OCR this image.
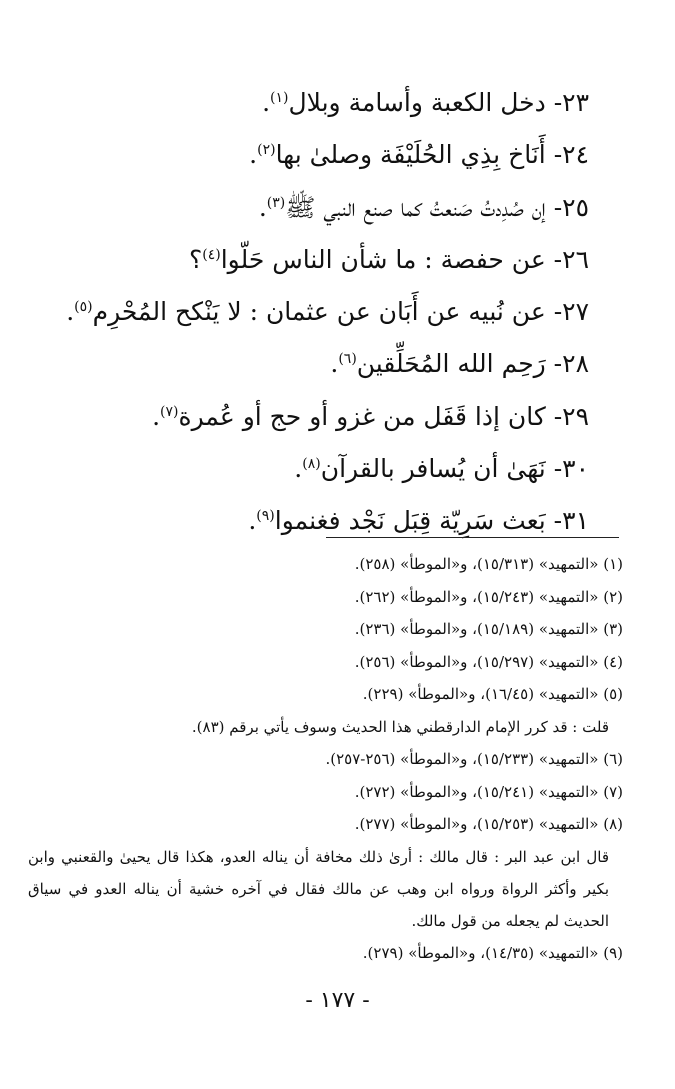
٢٣- دخل الكعبة وأسامة وبلال$^{(١)}$.
٢٤- أَنَاخ بِذِي الحُلَيْفَة وصلىٰ بها$^{(٢)}$.
٢٥- إن صُدِدتُ صَنعتُ كما صنع النبي ﷺ$^{(٣)}$.
٢٦- عن حفصة : ما شأن الناس حَلّوا$^{(٤)}$؟
٢٧- عن نُبيه عن أَبَان عن عثمان : لا يَنْكح المُحْرِم$^{(٥)}$.
٢٨- رَحِم الله المُحَلِّقين$^{(٦)}$.
٢٩- كان إذا قَفَل من غزو أو حج أو عُمرة$^{(٧)}$.
٣٠- نَهَىٰ أن يُسافر بالقرآن$^{(٨)}$.
٣١- بَعث سَرِيّة قِبَل نَجْد فغنموا$^{(٩)}$.
(١) «التمهيد» (١٥/٣١٣)، و«الموطأ» (٢٥٨).
(٢) «التمهيد» (١٥/٢٤٣)، و«الموطأ» (٢٦٢).
(٣) «التمهيد» (١٥/١٨٩)، و«الموطأ» (٢٣٦).
(٤) «التمهيد» (١٥/٢٩٧)، و«الموطأ» (٢٥٦).
(٥) «التمهيد» (١٦/٤٥)، و«الموطأ» (٢٢٩).
قلت : قد كرر الإمام الدارقطني هذا الحديث وسوف يأتي برقم (٨٣).
(٦) «التمهيد» (١٥/٢٣٣)، و«الموطأ» (٢٥٦-٢٥٧).
(٧) «التمهيد» (١٥/٢٤١)، و«الموطأ» (٢٧٢).
(٨) «التمهيد» (١٥/٢٥٣)، و«الموطأ» (٢٧٧).
قال ابن عبد البر : قال مالك : أرىٰ ذلك مخافة أن يناله العدو، هكذا قال يحيىٰ والقعنبي وابن بكير وأكثر الرواة ورواه ابن وهب عن مالك فقال في آخره خشية أن يناله العدو في سياق الحديث لم يجعله من قول مالك.
(٩) «التمهيد» (١٤/٣٥)، و«الموطأ» (٢٧٩).
- ١٧٧ -
